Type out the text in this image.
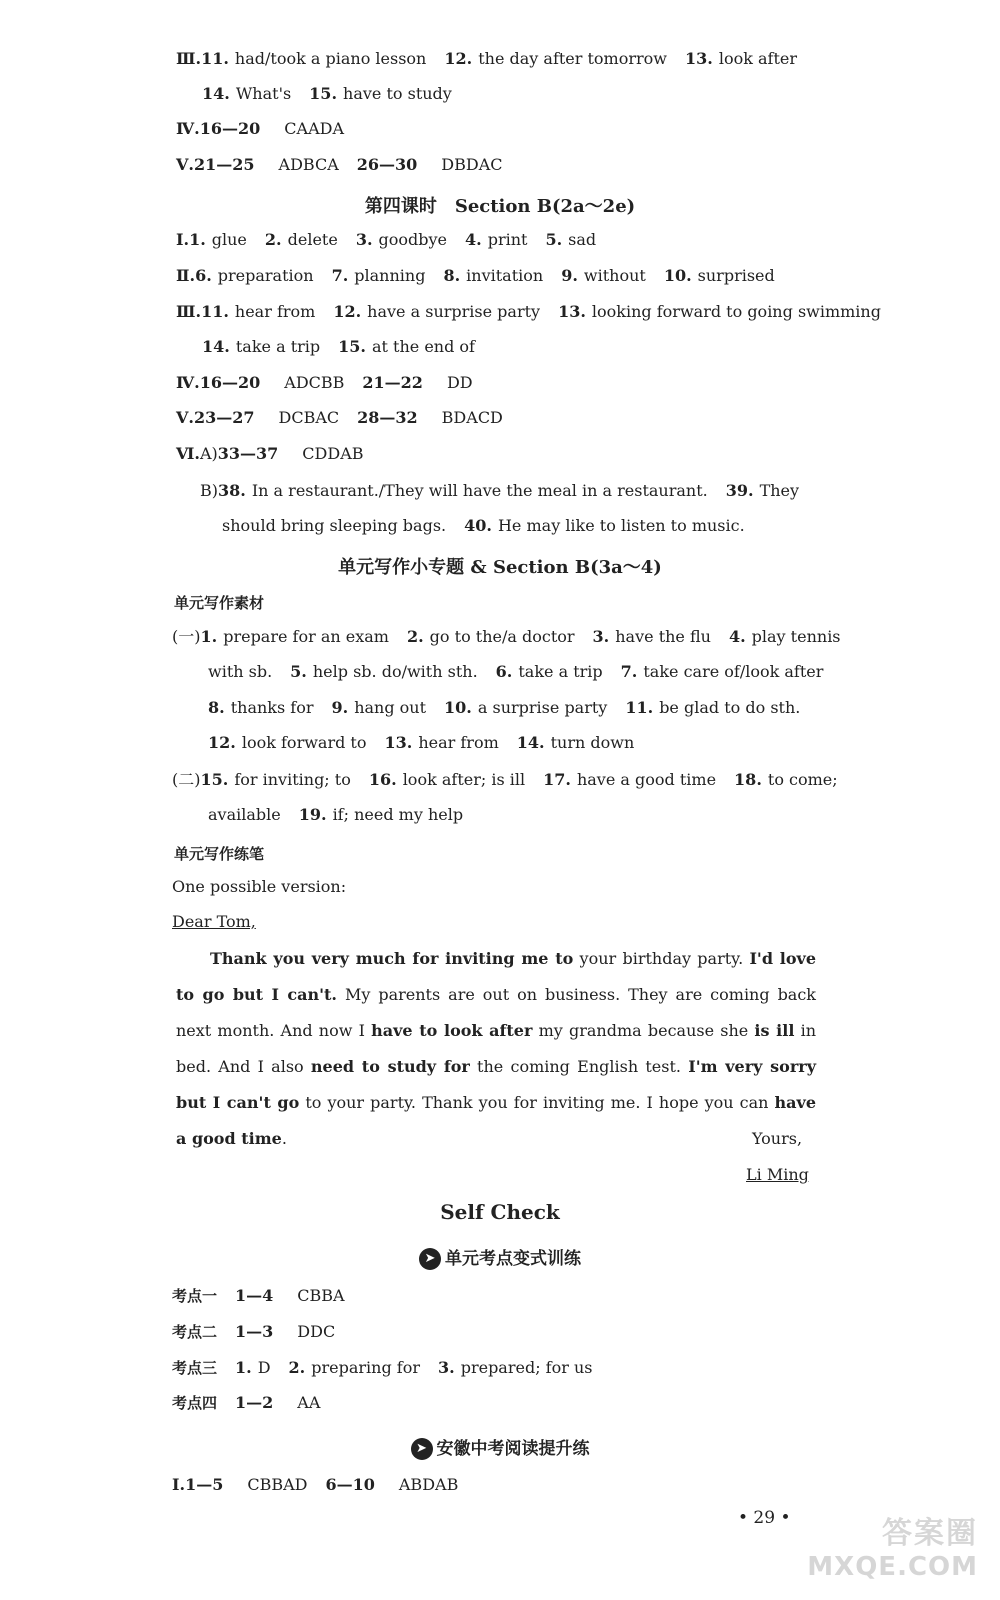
Ⅲ.11. had/took a piano lesson 12. the day after tomorrow 13. look after
14. What's 15. have to study
Ⅳ.16—20 CAADA
Ⅴ.21—25 ADBCA 26—30 DBDAC
第四课时　Section B(2a～2e)
Ⅰ.1. glue 2. delete 3. goodbye 4. print 5. sad
Ⅱ.6. preparation 7. planning 8. invitation 9. without 10. surprised
Ⅲ.11. hear from 12. have a surprise party 13. looking forward to going swimming
14. take a trip 15. at the end of
Ⅳ.16—20 ADCBB 21—22 DD
Ⅴ.23—27 DCBAC 28—32 BDACD
Ⅵ.A)33—37 CDDAB
B)38. In a restaurant./They will have the meal in a restaurant. 39. They
should bring sleeping bags. 40. He may like to listen to music.
单元写作小专题 & Section B(3a～4)
单元写作素材
(一)1. prepare for an exam 2. go to the/a doctor 3. have the flu 4. play tennis
with sb. 5. help sb. do/with sth. 6. take a trip 7. take care of/look after
8. thanks for 9. hang out 10. a surprise party 11. be glad to do sth.
12. look forward to 13. hear from 14. turn down
(二)15. for inviting; to 16. look after; is ill 17. have a good time 18. to come;
available 19. if; need my help
单元写作练笔
One possible version:
Dear Tom,
Thank you very much for inviting me to your birthday party. I'd love to go but I can't. My parents are out on business. They are coming back next month. And now I have to look after my grandma because she is ill in bed. And I also need to study for the coming English test. I'm very sorry but I can't go to your party. Thank you for inviting me. I hope you can have a good time.	Yours,
Li Ming
Self Check
➤ 单元考点变式训练
考点一 1—4 CBBA
考点二 1—3 DDC
考点三 1. D 2. preparing for 3. prepared; for us
考点四 1—2 AA
➤ 安徽中考阅读提升练
Ⅰ.1—5 CBBAD 6—10 ABDAB
• 29 •	答案圈
MXQE.COM
